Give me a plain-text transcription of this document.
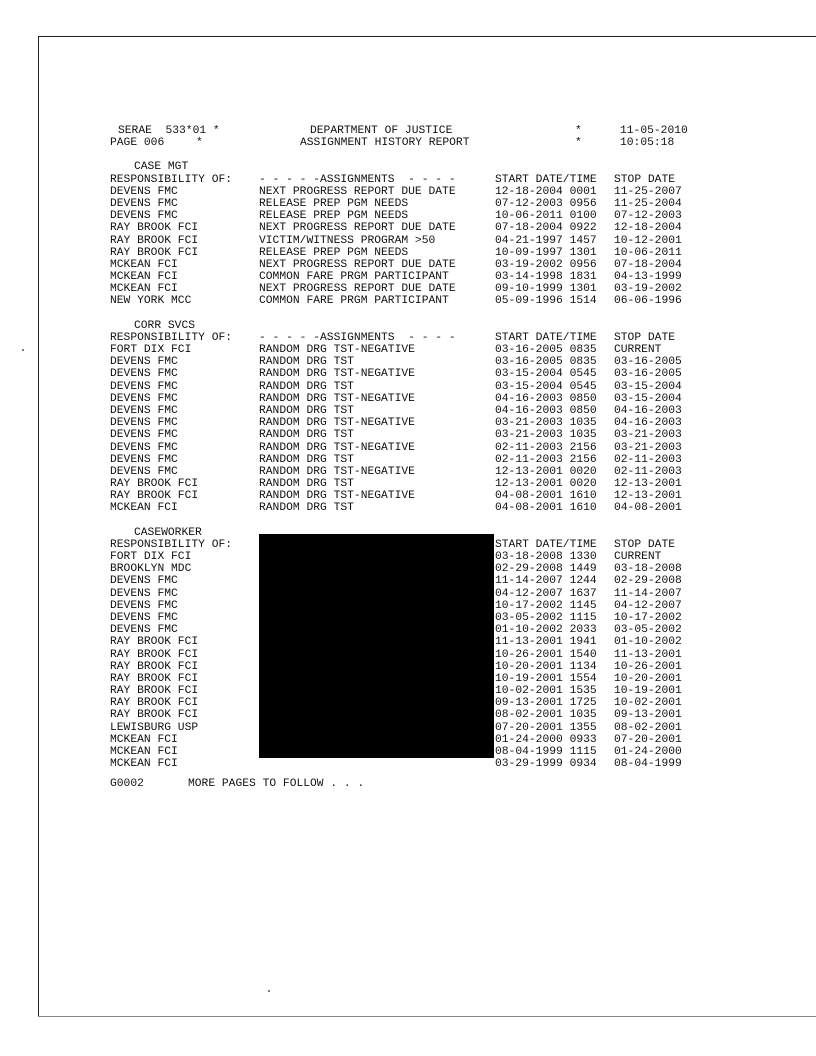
SERAE  533*01 *

	DEPARTMENT OF JUSTICE

	*

	11-05-2010

PAGE 006

	*

	ASSIGNMENT HISTORY REPORT

	*

	10:05:18

CASE MGT
RESPONSIBILITY OF: - - - - -ASSIGNMENTS  - - - -	START DATE/TIME STOP DATE
DEVENS FMC	NEXT PROGRESS REPORT DUE DATE	12-18-2004 0001 11-25-2007
DEVENS FMC	RELEASE PREP PGM NEEDS	07-12-2003 0956 11-25-2004
DEVENS FMC	RELEASE PREP PGM NEEDS	10-06-2011 0100 07-12-2003
RAY BROOK FCI	NEXT PROGRESS REPORT DUE DATE	07-18-2004 0922 12-18-2004
RAY BROOK FCI	VICTIM/WITNESS PROGRAM >50	04-21-1997 1457 10-12-2001
RAY BROOK FCI	RELEASE PREP PGM NEEDS	10-09-1997 1301 10-06-2011
MCKEAN FCI	NEXT PROGRESS REPORT DUE DATE	03-19-2002 0956 07-18-2004
MCKEAN FCI	COMMON FARE PRGM PARTICIPANT	03-14-1998 1831 04-13-1999
MCKEAN FCI	NEXT PROGRESS REPORT DUE DATE	09-10-1999 1301 03-19-2002
NEW YORK MCC	COMMON FARE PRGM PARTICIPANT	05-09-1996 1514 06-06-1996
CORR SVCS
RESPONSIBILITY OF: - - - - -ASSIGNMENTS  - - - -	START DATE/TIME STOP DATE
FORT DIX FCI	RANDOM DRG TST-NEGATIVE	03-16-2005 0835 CURRENT
DEVENS FMC	RANDOM DRG TST	03-16-2005 0835 03-16-2005
DEVENS FMC	RANDOM DRG TST-NEGATIVE	03-15-2004 0545 03-16-2005
DEVENS FMC	RANDOM DRG TST	03-15-2004 0545 03-15-2004
DEVENS FMC	RANDOM DRG TST-NEGATIVE	04-16-2003 0850 03-15-2004
DEVENS FMC	RANDOM DRG TST	04-16-2003 0850 04-16-2003
DEVENS FMC	RANDOM DRG TST-NEGATIVE	03-21-2003 1035 04-16-2003
DEVENS FMC	RANDOM DRG TST	03-21-2003 1035 03-21-2003
DEVENS FMC	RANDOM DRG TST-NEGATIVE	02-11-2003 2156 03-21-2003
DEVENS FMC	RANDOM DRG TST	02-11-2003 2156 02-11-2003
DEVENS FMC	RANDOM DRG TST-NEGATIVE	12-13-2001 0020 02-11-2003
RAY BROOK FCI	RANDOM DRG TST	12-13-2001 0020 12-13-2001
RAY BROOK FCI	RANDOM DRG TST-NEGATIVE	04-08-2001 1610 12-13-2001
MCKEAN FCI	RANDOM DRG TST	04-08-2001 1610 04-08-2001
CASEWORKER
RESPONSIBILITY OF:	START DATE/TIME STOP DATE
FORT DIX FCI	03-18-2008 1330 CURRENT
BROOKLYN MDC	02-29-2008 1449 03-18-2008
DEVENS FMC	11-14-2007 1244 02-29-2008
DEVENS FMC	04-12-2007 1637 11-14-2007
DEVENS FMC	10-17-2002 1145 04-12-2007
DEVENS FMC	03-05-2002 1115 10-17-2002
DEVENS FMC	01-10-2002 2033 03-05-2002
RAY BROOK FCI	11-13-2001 1941 01-10-2002
RAY BROOK FCI	10-26-2001 1540 11-13-2001
RAY BROOK FCI	10-20-2001 1134 10-26-2001
RAY BROOK FCI	10-19-2001 1554 10-20-2001
RAY BROOK FCI	10-02-2001 1535 10-19-2001
RAY BROOK FCI	09-13-2001 1725 10-02-2001
RAY BROOK FCI	08-02-2001 1035 09-13-2001
LEWISBURG USP	07-20-2001 1355 08-02-2001
MCKEAN FCI	01-24-2000 0933 07-20-2001
MCKEAN FCI	08-04-1999 1115 01-24-2000
MCKEAN FCI	03-29-1999 0934 08-04-1999

G0002

	MORE PAGES TO FOLLOW . . .
